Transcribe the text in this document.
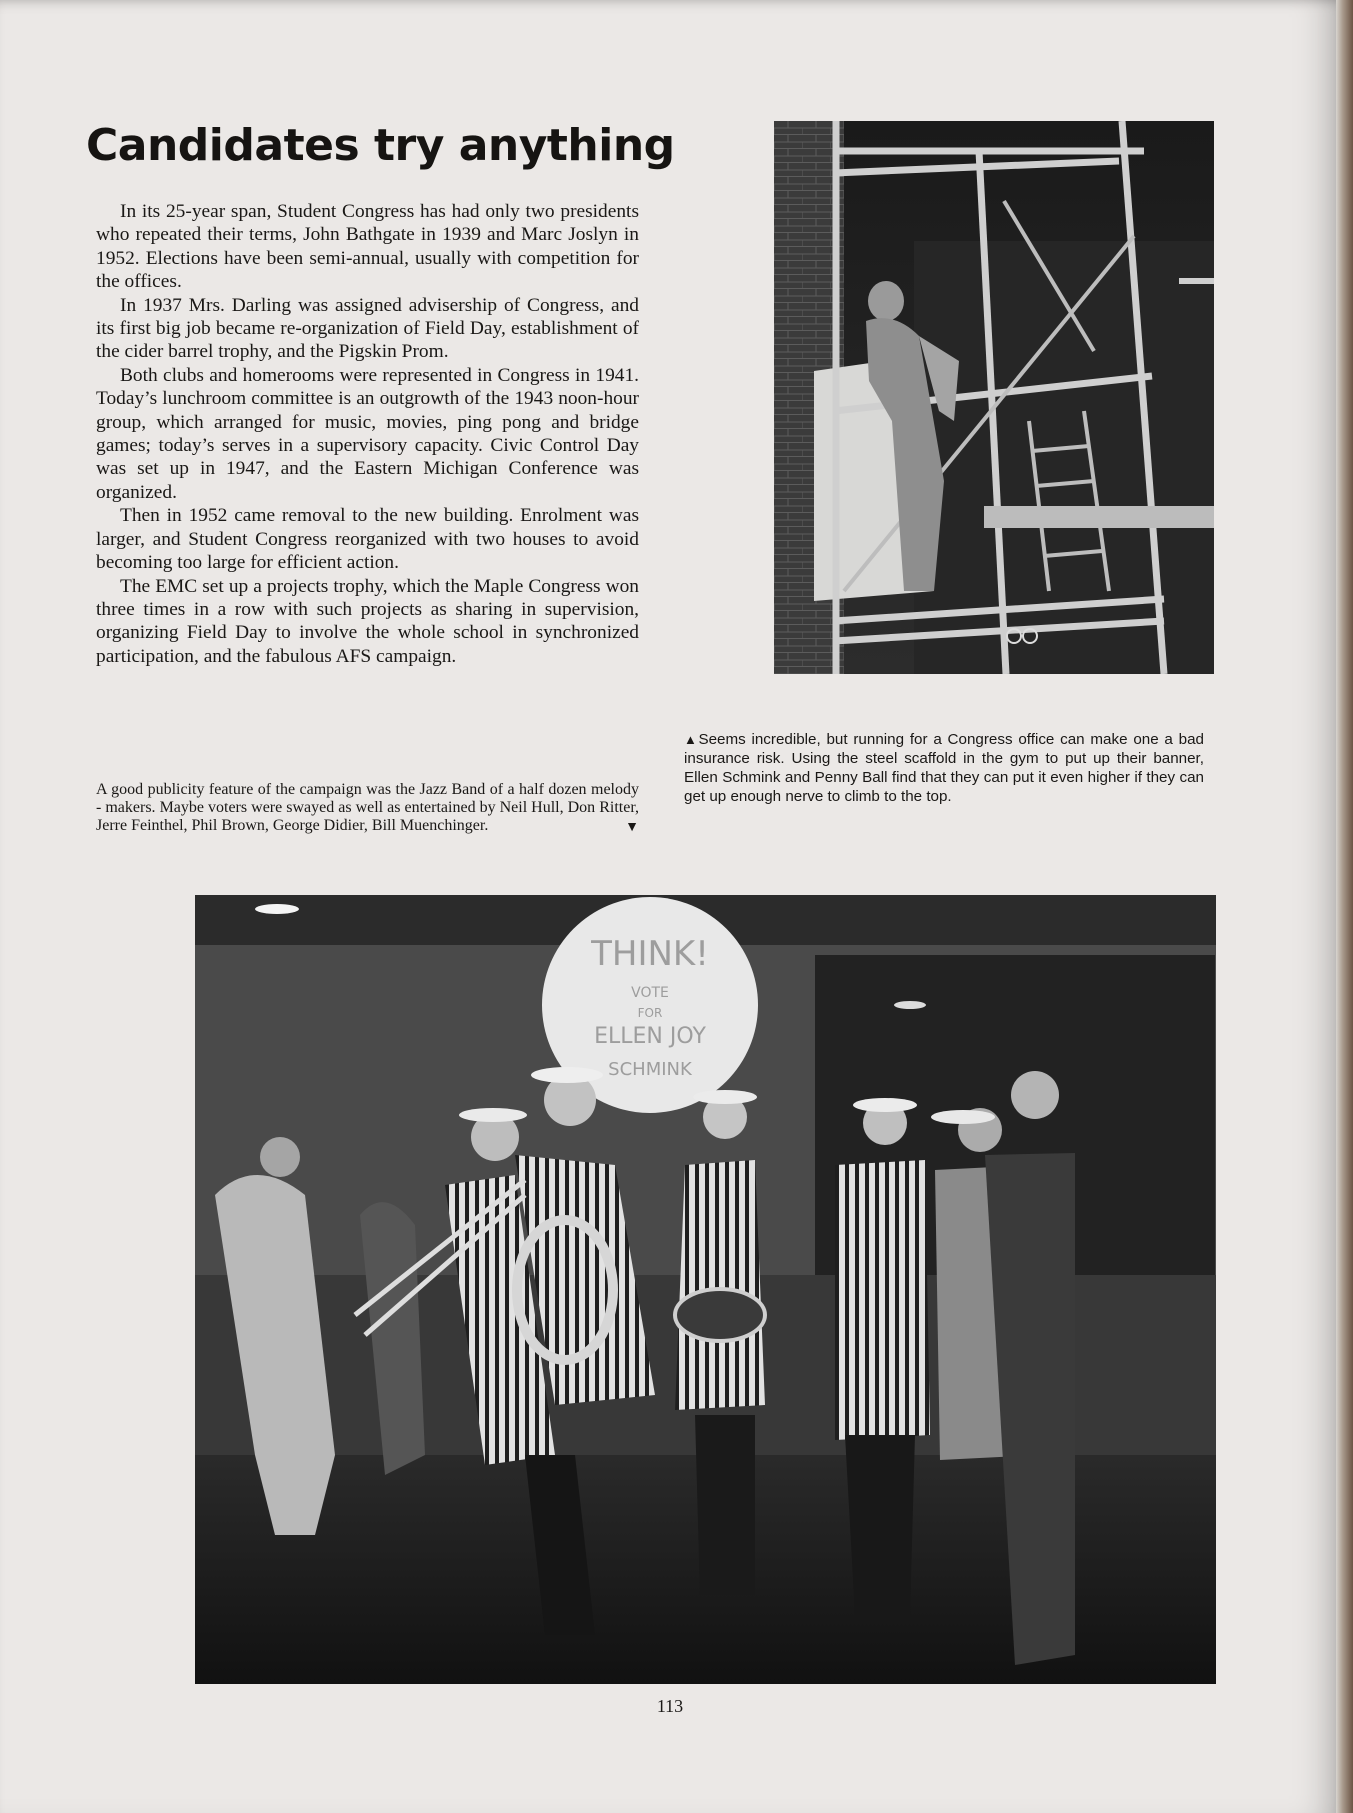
Candidates try anything

In its 25-year span, Student Congress has had only two presidents who repeated their terms, John Bathgate in 1939 and Marc Joslyn in 1952. Elections have been semi-annual, usually with competition for the offices.

In 1937 Mrs. Darling was assigned advisership of Congress, and its first big job became re-organization of Field Day, establishment of the cider barrel trophy, and the Pigskin Prom.

Both clubs and homerooms were represented in Congress in 1941. Today’s lunchroom committee is an outgrowth of the 1943 noon-hour group, which arranged for music, movies, ping pong and bridge games; today’s serves in a supervisory capacity. Civic Control Day was set up in 1947, and the Eastern Michigan Conference was organized.

Then in 1952 came removal to the new building. Enrolment was larger, and Student Congress reorganized with two houses to avoid becoming too large for efficient action.

The EMC set up a projects trophy, which the Maple Congress won three times in a row with such projects as sharing in supervision, organizing Field Day to involve the whole school in synchronized participation, and the fabulous AFS campaign.

A good publicity feature of the campaign was the Jazz Band of a half dozen melody - makers. Maybe voters were swayed as well as entertained by Neil Hull, Don Ritter, Jerre Feinthel, Phil Brown, George Didier, Bill Muenchinger.	▼

▲Seems incredible, but running for a Congress office can make one a bad insurance risk. Using the steel scaffold in the gym to put up their banner, Ellen Schmink and Penny Ball find that they can put it even higher if they can get up enough nerve to climb to the top.

THINK!
VOTE
FOR
ELLEN JOY
SCHMINK
113
